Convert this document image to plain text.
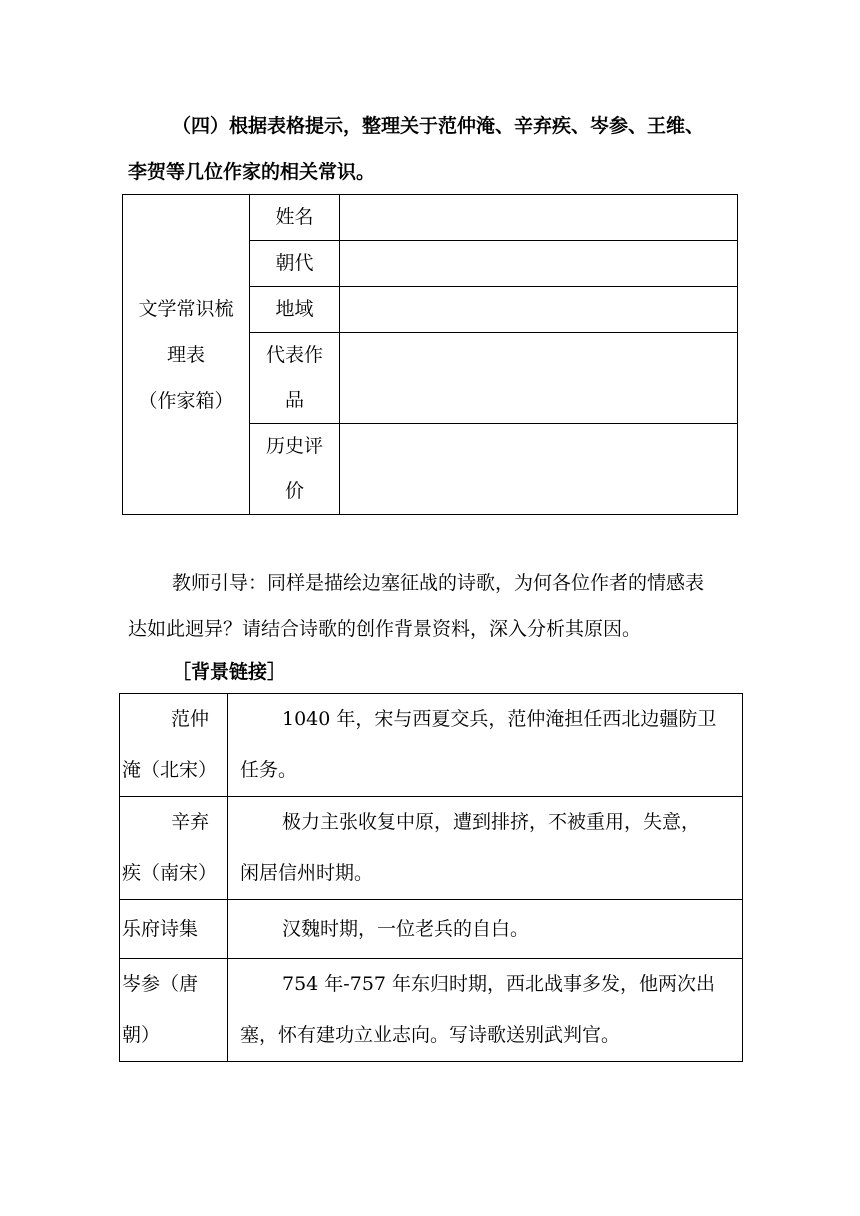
（四）根据表格提示，整理关于范仲淹、辛弃疾、岑参、王维、
李贺等几位作家的相关常识。

文学常识梳
理表
（作家箱）	姓名	
	朝代	
	地域	
	代表作
品	
	历史评
价	

教师引导：同样是描绘边塞征战的诗歌，为何各位作者的情感表
达如此迥异？请结合诗歌的创作背景资料，深入分析其原因。

［背景链接］

范仲
淹（北宋）	1040 年，宋与西夏交兵，范仲淹担任西北边疆防卫
任务。

辛弃
疾（南宋）	极力主张收复中原，遭到排挤，不被重用，失意，
闲居信州时期。

乐府诗集	汉魏时期，一位老兵的自白。

岑参（唐
朝）	754 年-757 年东归时期，西北战事多发，他两次出
塞，怀有建功立业志向。写诗歌送别武判官。
